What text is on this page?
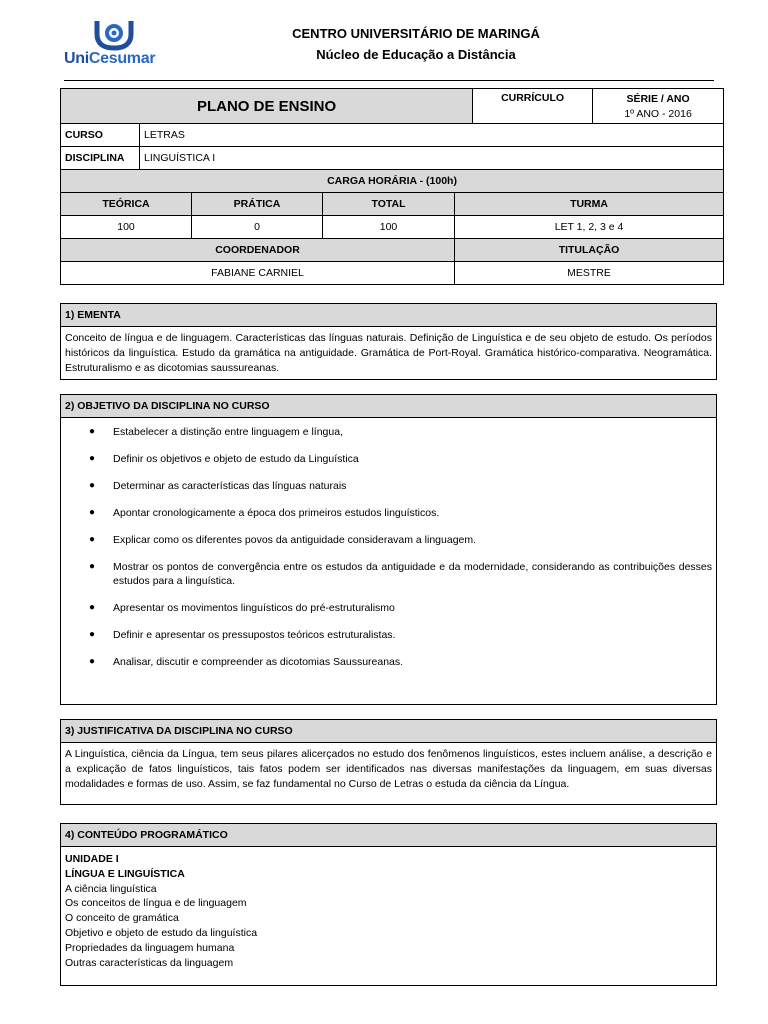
UniCesumar
CENTRO UNIVERSITÁRIO DE MARINGÁ
Núcleo de Educação a Distância
PLANO DE ENSINO					CURRÍCULO	SÉRIE / ANO
1º ANO - 2016

CURSO	LETRAS					
DISCIPLINA	LINGUÍSTICA I					
CARGA HORÁRIA - (100h)						
TEÓRICA		PRÁTICA	TOTAL	TURMA		
100		0	100	LET 1, 2, 3 e 4		
COORDENADOR				TITULAÇÃO		
FABIANE CARNIEL				MESTRE		
1) EMENTA
Conceito de língua e de linguagem. Características das línguas naturais. Definição de Linguística e de seu objeto de estudo. Os períodos históricos da linguística. Estudo da gramática na antiguidade. Gramática de Port-Royal. Gramática histórico-comparativa. Neogramática. Estruturalismo e as dicotomias saussureanas.
2) OBJETIVO DA DISCIPLINA NO CURSO
● Estabelecer a distinção entre linguagem e língua,
● Definir os objetivos e objeto de estudo da Linguística
● Determinar as características das línguas naturais
● Apontar cronologicamente a época dos primeiros estudos linguísticos.
● Explicar como os diferentes povos da antiguidade consideravam a linguagem.
● Mostrar os pontos de convergência entre os estudos da antiguidade e da modernidade, considerando as contribuições desses estudos para a linguística.
● Apresentar os movimentos linguísticos do pré-estruturalismo
● Definir e apresentar os pressupostos teóricos estruturalistas.
● Analisar, discutir e compreender as dicotomias Saussureanas.
3) JUSTIFICATIVA DA DISCIPLINA NO CURSO
A Linguística, ciência da Língua, tem seus pilares alicerçados no estudo dos fenômenos linguísticos, estes incluem análise, a descrição e a explicação de fatos linguísticos, tais fatos podem ser identificados nas diversas manifestações da linguagem, em suas diversas modalidades e formas de uso. Assim, se faz fundamental no Curso de Letras o estuda da ciência da Língua.
4) CONTEÚDO PROGRAMÁTICO
UNIDADE I
LÍNGUA E LINGUÍSTICA
A ciência linguística
Os conceitos de língua e de linguagem
O conceito de gramática
Objetivo e objeto de estudo da linguística
Propriedades da linguagem humana
Outras características da linguagem
